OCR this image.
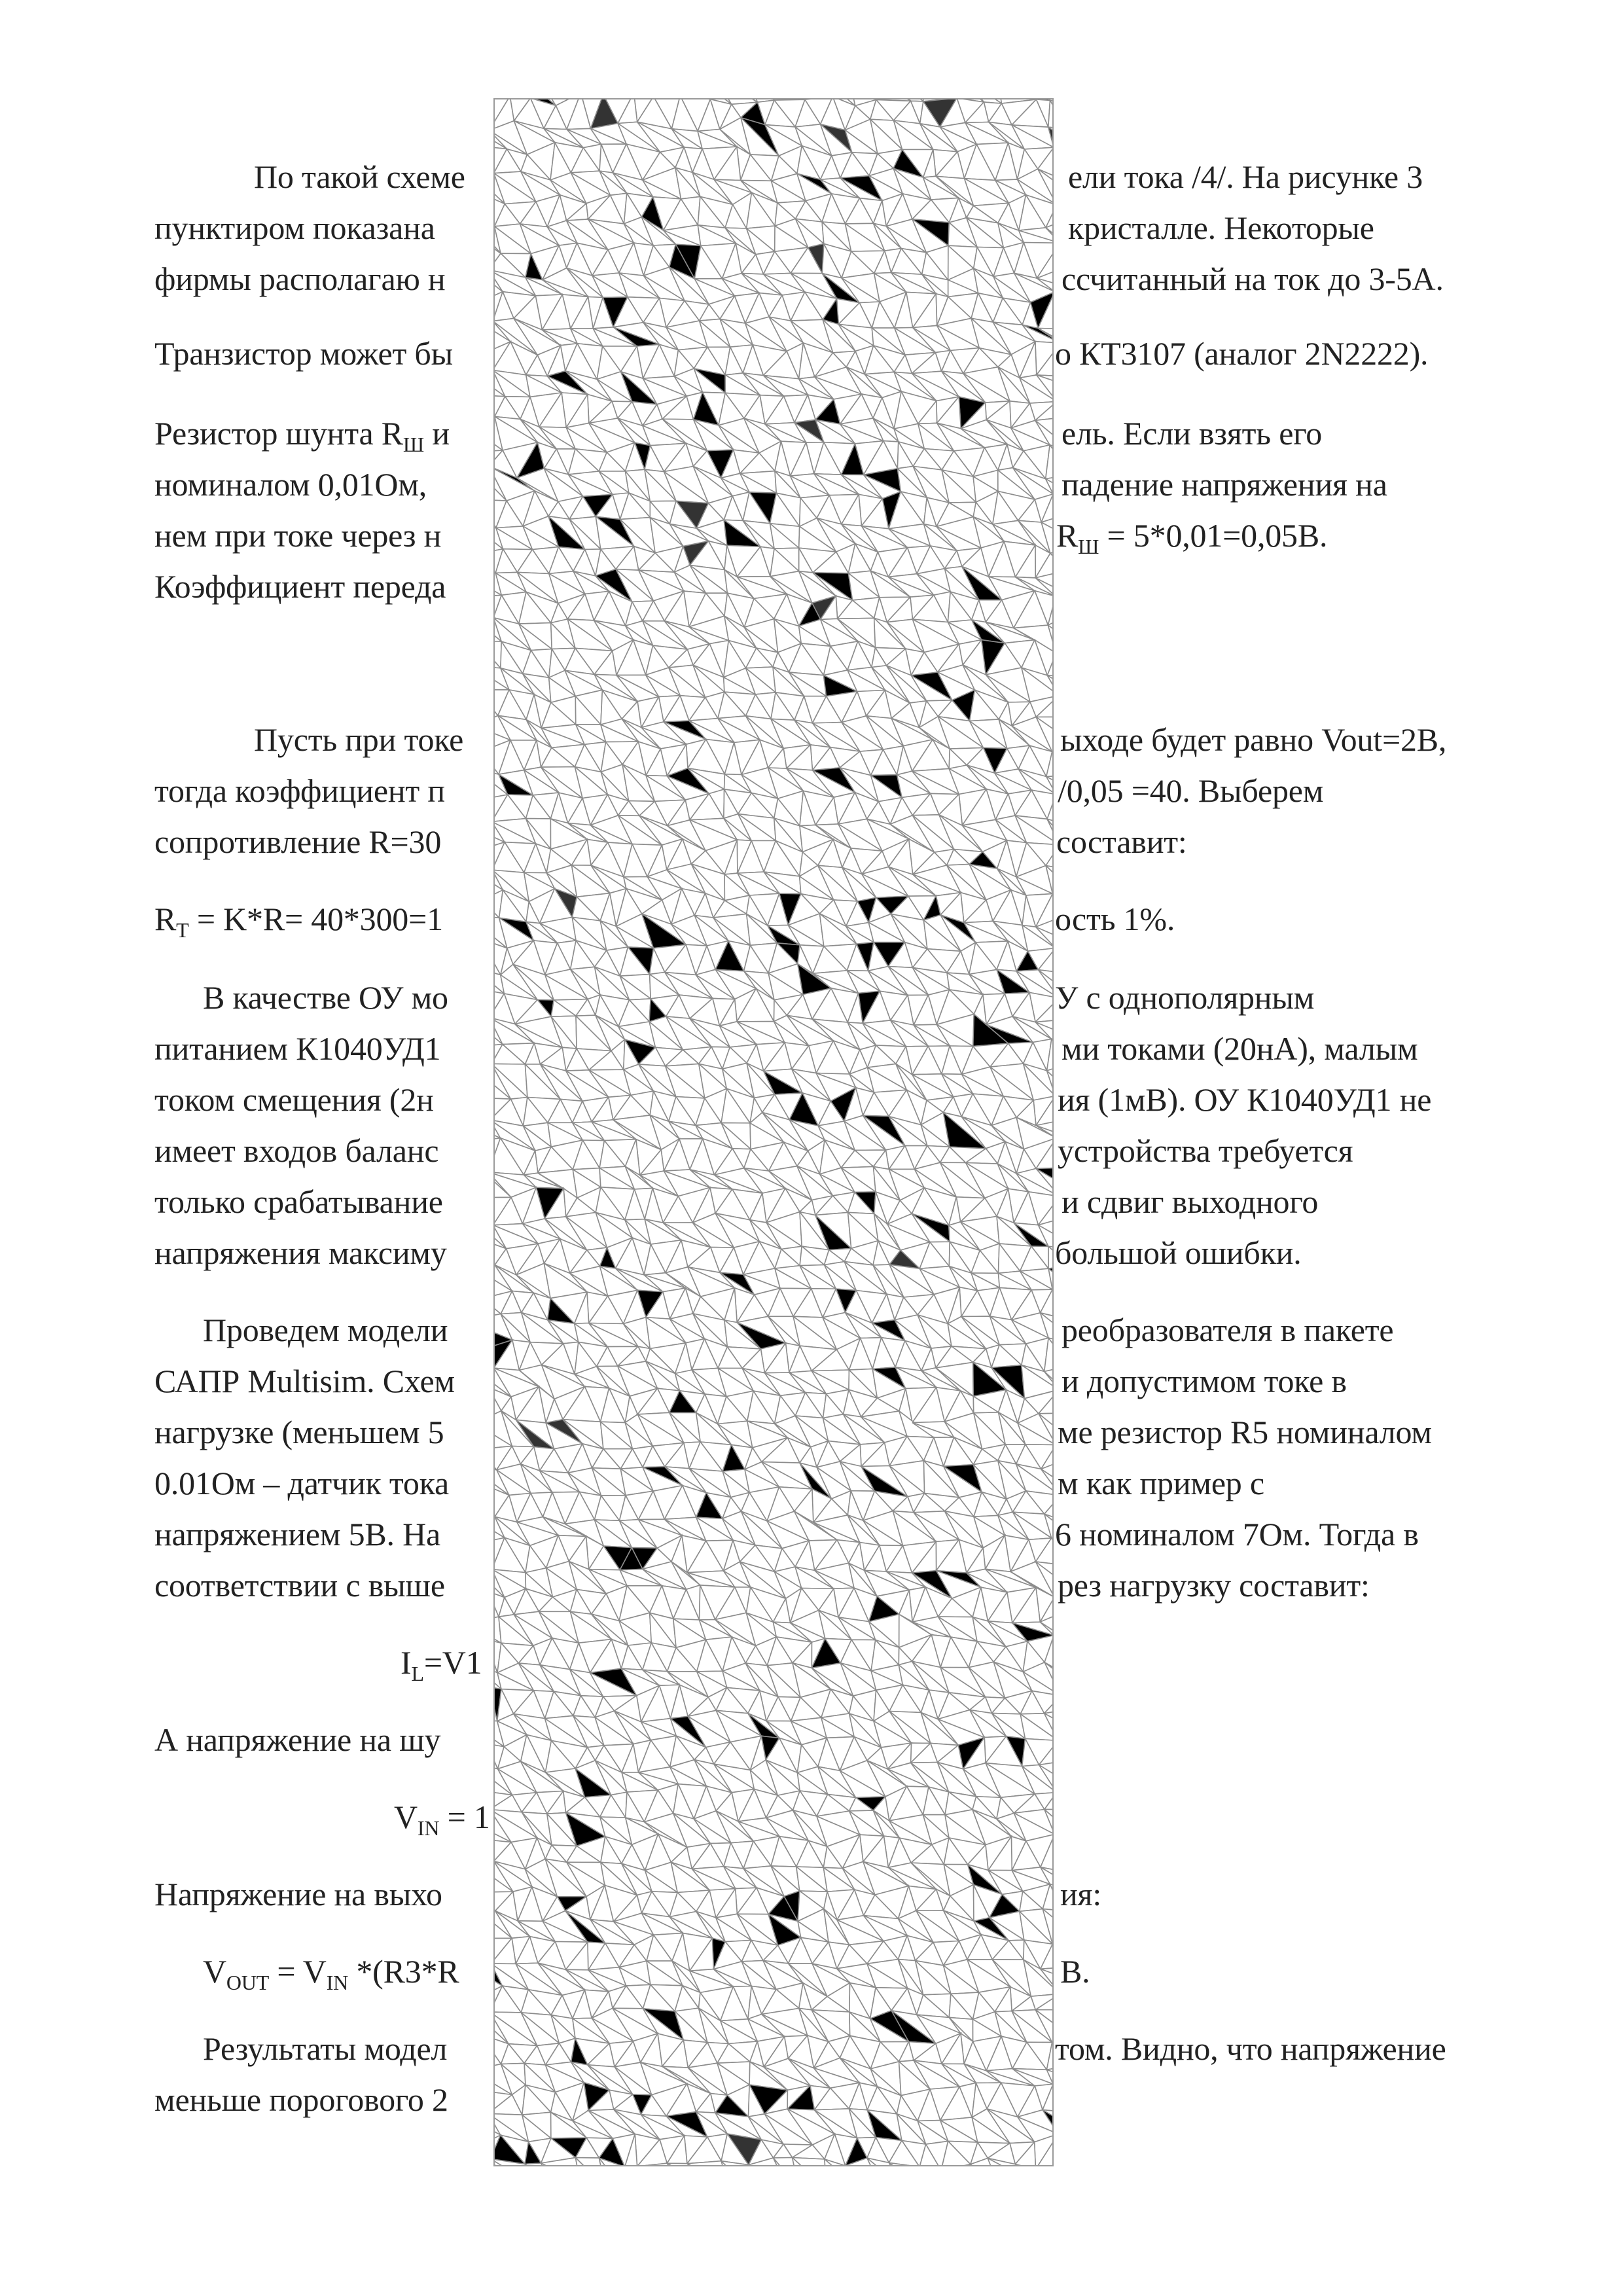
По такой схеме
пунктиром показана
фирмы располагаю н
Транзистор может бы
Резистор шунта $R_Ш$ и
номиналом 0,01Ом,
нем при токе через н
Коэффициент переда
Пусть при токе
тогда коэффициент п
сопротивление R=30
$R_T = K*R= 40*300=1$
В качестве ОУ мо
питанием К1040УД1
током смещения (2н
имеет входов баланс
только срабатывание
напряжения максиму
Проведем модели
САПР Multisim. Схем
нагрузке (меньшем 5
0.01Ом – датчик тока
напряжением 5В. На
соответствии с выше
$I_L=V1$
А напряжение на шу
$V_{IN} = 1$
Напряжение на выхо
$V_{OUT} = V_{IN}$ *(R3*R
Результаты модел
меньше порогового 2
ели тока /4/. На рисунке 3
кристалле. Некоторые
ссчитанный на ток до 3-5А.
о КТ3107 (аналог 2N2222).
ель. Если взять его
падение напряжения на
$R_Ш = 5*0,01=0,05В$.
ыходе будет равно Vout=2В,
/0,05 =40. Выберем
составит:
ость 1%.
У с однополярным
ми токами (20нА), малым
ия (1мВ). ОУ К1040УД1 не
устройства требуется
и сдвиг выходного
большой ошибки.
реобразователя в пакете
и допустимом токе в
ме резистор R5 номиналом
м как пример с
6 номиналом 7Ом. Тогда в
рез нагрузку составит:
ия:
В.
том. Видно, что напряжение
